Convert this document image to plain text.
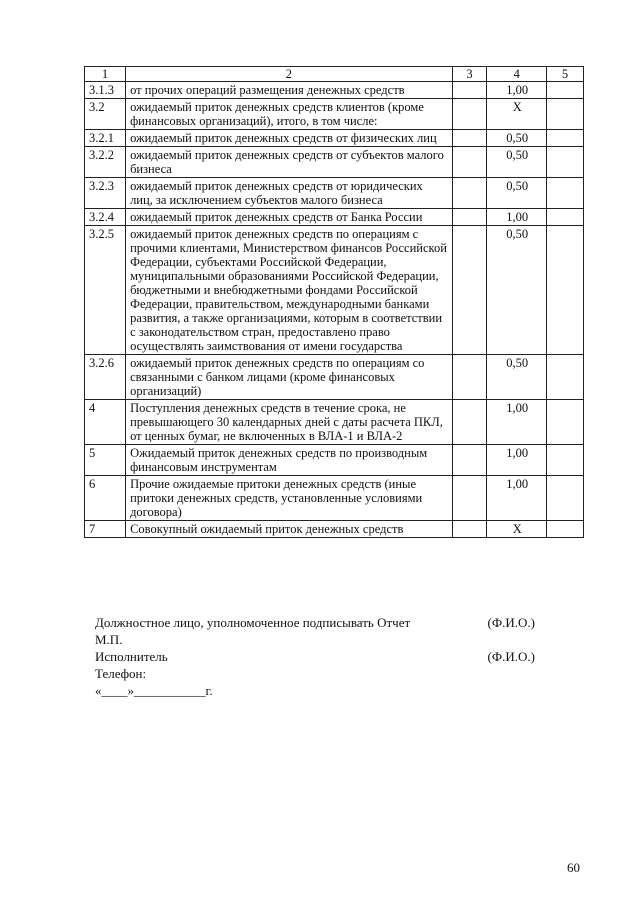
1	2	3	4	5
3.1.3	от прочих операций размещения денежных средств		1,00	
3.2	ожидаемый приток денежных средств клиентов (кроме финансовых организаций), итого, в том числе:		Х	
3.2.1	ожидаемый приток денежных средств от физических лиц		0,50	
3.2.2	ожидаемый приток денежных средств от субъектов малого бизнеса		0,50	
3.2.3	ожидаемый приток денежных средств от юридических лиц, за исключением субъектов малого бизнеса		0,50	
3.2.4	ожидаемый приток денежных средств от Банка России		1,00	
3.2.5	ожидаемый приток денежных средств по операциям с прочими клиентами, Министерством финансов Российской Федерации, субъектами Российской Федерации, муниципальными образованиями Российской Федерации, бюджетными и внебюджетными фондами Российской Федерации, правительством, международными банками развития, а также организациями, которым в соответствии с законодательством стран, предоставлено право осуществлять заимствования от имени государства		0,50	
3.2.6	ожидаемый приток денежных средств по операциям со связанными с банком лицами (кроме финансовых организаций)		0,50	
4	Поступления денежных средств в течение срока, не превышающего 30 календарных дней с даты расчета ПКЛ, от ценных бумаг, не включенных в ВЛА-1 и ВЛА-2		1,00	
5	Ожидаемый приток денежных средств по производным финансовым инструментам		1,00	
6	Прочие ожидаемые притоки денежных средств (иные притоки денежных средств, установленные условиями договора)		1,00	
7	Совокупный ожидаемый приток денежных средств		Х	
Должностное лицо, уполномоченное подписывать Отчет	(Ф.И.О.)
М.П.
Исполнитель	(Ф.И.О.)
Телефон:
«____»___________г.
60
